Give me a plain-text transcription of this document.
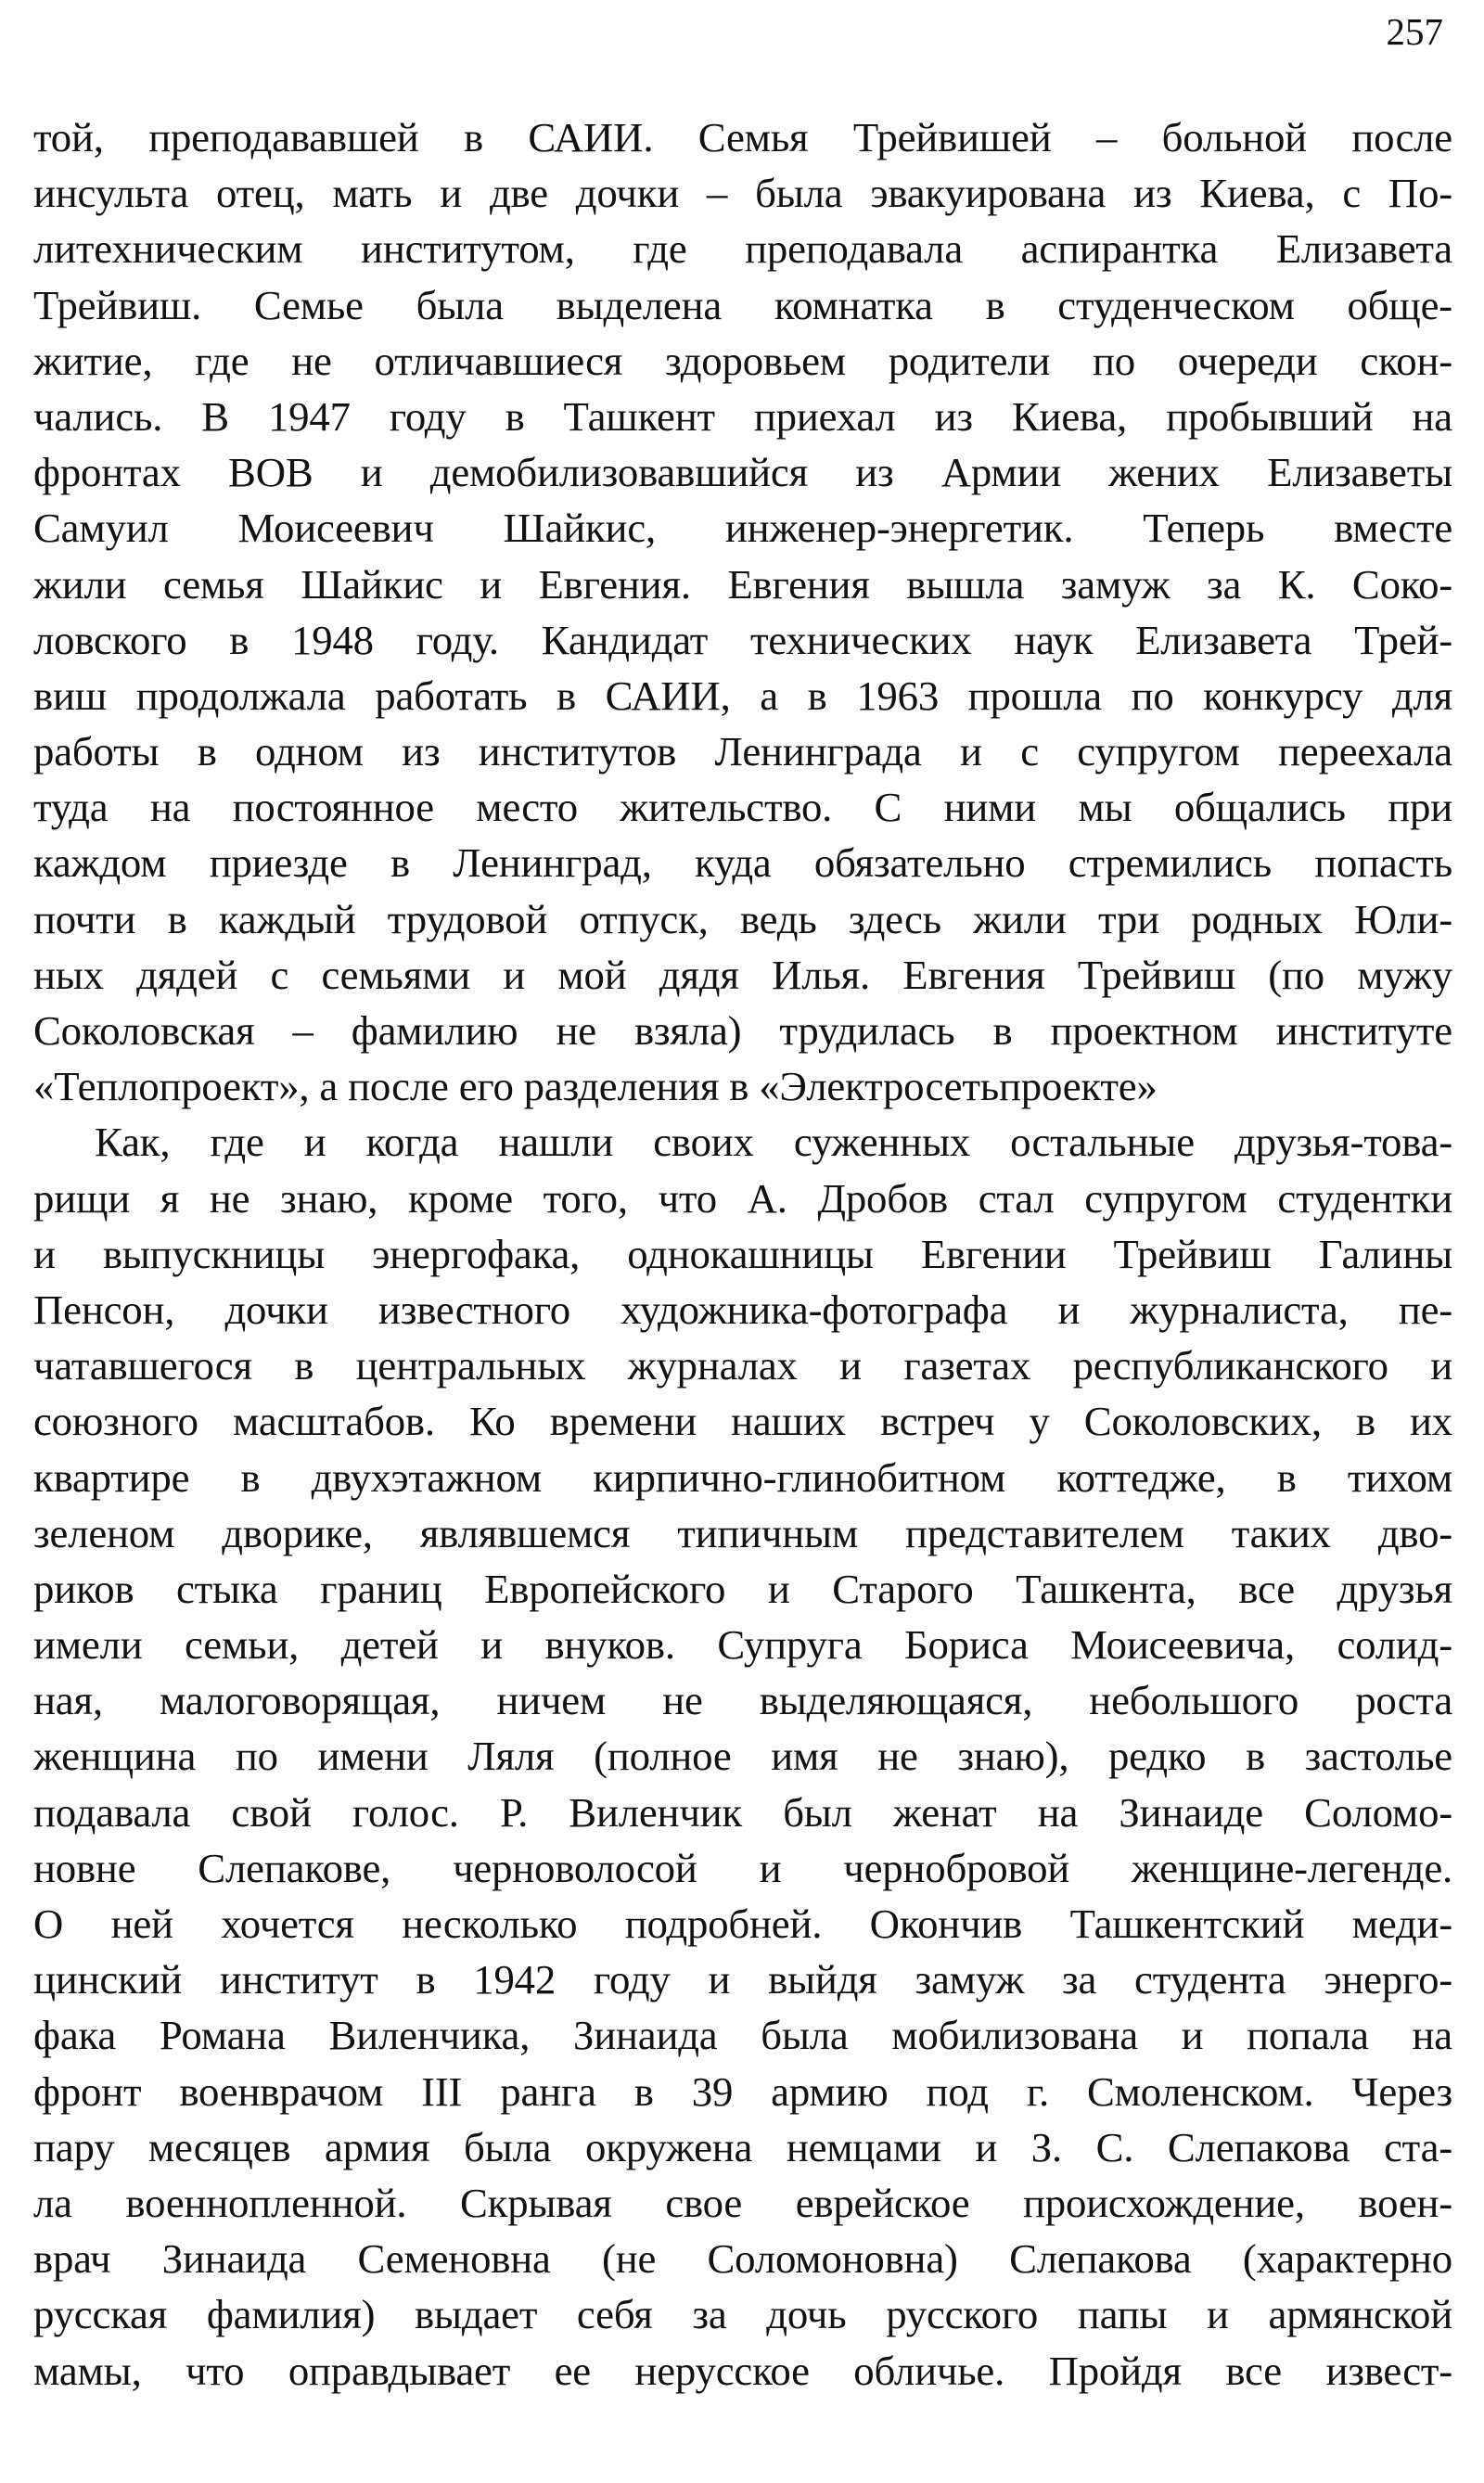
257
той, преподававшей в САИИ. Семья Трейвишей – больной после
инсульта отец, мать и две дочки – была эвакуирована из Киева, с По-
литехническим институтом, где преподавала аспирантка Елизавета
Трейвиш. Семье была выделена комнатка в студенческом обще-
житие, где не отличавшиеся здоровьем родители по очереди скон-
чались. В 1947 году в Ташкент приехал из Киева, пробывший на
фронтах ВОВ и демобилизовавшийся из Армии жених Елизаветы
Самуил Моисеевич Шайкис, инженер-энергетик. Теперь вместе
жили семья Шайкис и Евгения. Евгения вышла замуж за К. Соко-
ловского в 1948 году. Кандидат технических наук Елизавета Трей-
виш продолжала работать в САИИ, а в 1963 прошла по конкурсу для
работы в одном из институтов Ленинграда и с супругом переехала
туда на постоянное место жительство. С ними мы общались при
каждом приезде в Ленинград, куда обязательно стремились попасть
почти в каждый трудовой отпуск, ведь здесь жили три родных Юли-
ных дядей с семьями и мой дядя Илья. Евгения Трейвиш (по мужу
Соколовская – фамилию не взяла) трудилась в проектном институте
«Теплопроект», а после его разделения в «Электросетьпроекте»
Как, где и когда нашли своих суженных остальные друзья-това-
рищи я не знаю, кроме того, что А. Дробов стал супругом студентки
и выпускницы энергофака, однокашницы Евгении Трейвиш Галины
Пенсон, дочки известного художника-фотографа и журналиста, пе-
чатавшегося в центральных журналах и газетах республиканского и
союзного масштабов. Ко времени наших встреч у Соколовских, в их
квартире в двухэтажном кирпично-глинобитном коттедже, в тихом
зеленом дворике, являвшемся типичным представителем таких дво-
риков стыка границ Европейского и Старого Ташкента, все друзья
имели семьи, детей и внуков. Супруга Бориса Моисеевича, солид-
ная, малоговорящая, ничем не выделяющаяся, небольшого роста
женщина по имени Ляля (полное имя не знаю), редко в застолье
подавала свой голос. Р. Виленчик был женат на Зинаиде Соломо-
новне Слепакове, черноволосой и чернобровой женщине-легенде.
О ней хочется несколько подробней. Окончив Ташкентский меди-
цинский институт в 1942 году и выйдя замуж за студента энерго-
фака Романа Виленчика, Зинаида была мобилизована и попала на
фронт военврачом III ранга в 39 армию под г. Смоленском. Через
пару месяцев армия была окружена немцами и З. С. Слепакова ста-
ла военнопленной. Скрывая свое еврейское происхождение, воен-
врач Зинаида Семеновна (не Соломоновна) Слепакова (характерно
русская фамилия) выдает себя за дочь русского папы и армянской
мамы, что оправдывает ее нерусское обличье. Пройдя все извест-
